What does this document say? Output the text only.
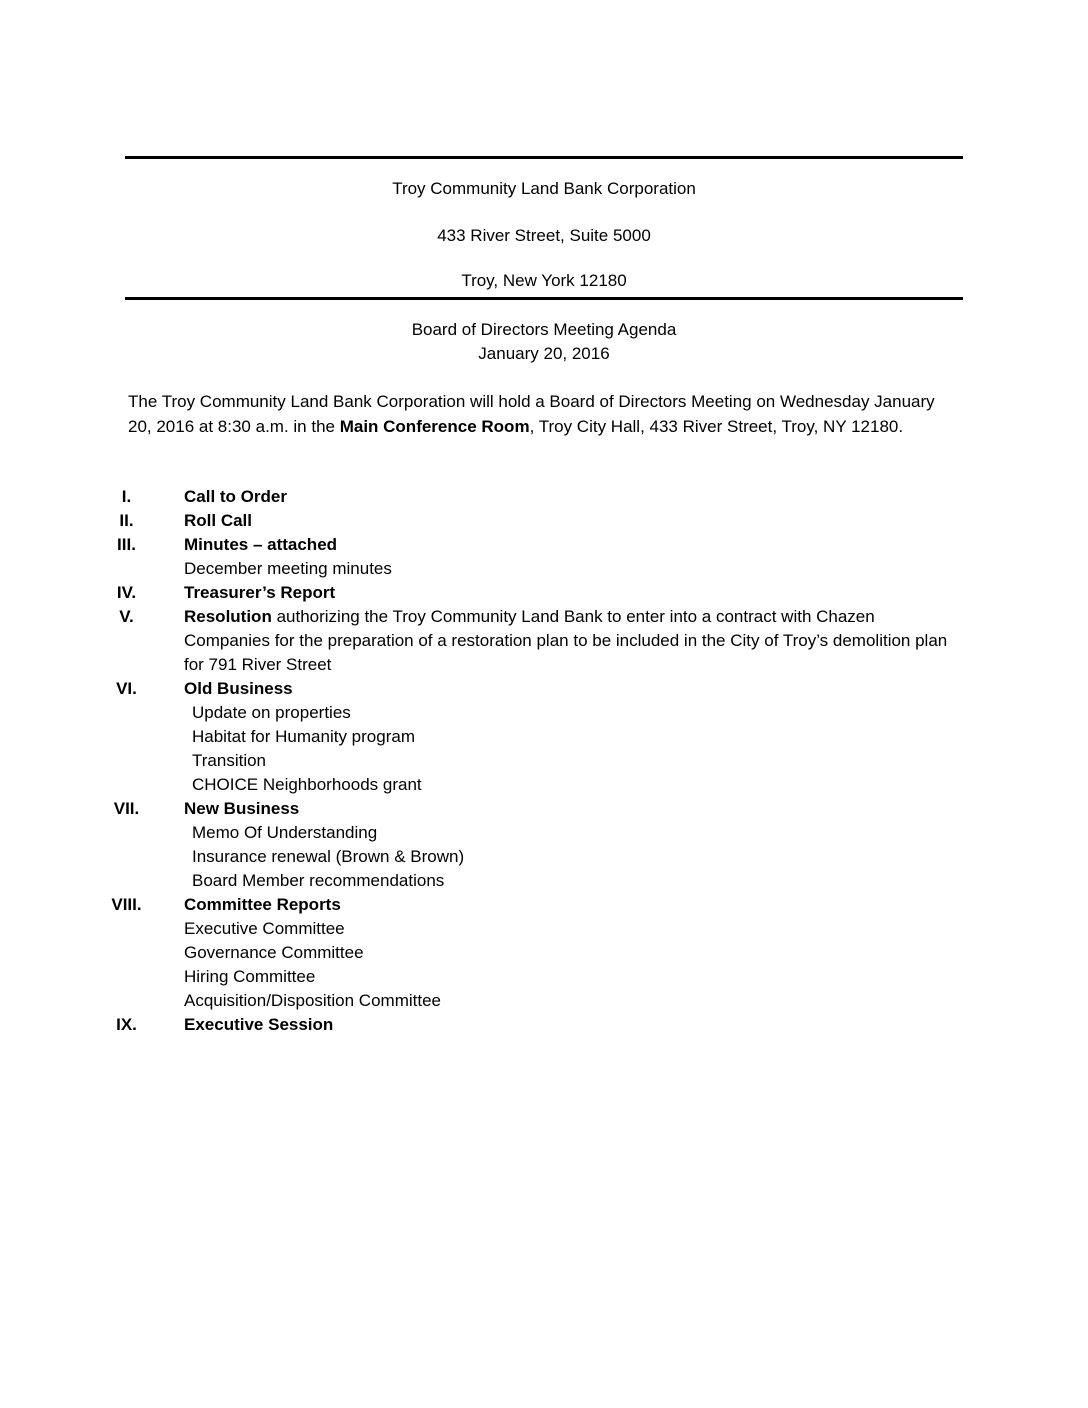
Troy Community Land Bank Corporation
433 River Street, Suite 5000
Troy, New York 12180
Board of Directors Meeting Agenda
January 20, 2016
The Troy Community Land Bank Corporation will hold a Board of Directors Meeting on Wednesday January 20, 2016 at 8:30 a.m. in the Main Conference Room, Troy City Hall, 433 River Street, Troy, NY 12180.
I.	Call to Order
II.	Roll Call
III.	Minutes – attached
December meeting minutes
IV.	Treasurer’s Report
V.	Resolution authorizing the Troy Community Land Bank to enter into a contract with Chazen Companies for the preparation of a restoration plan to be included in the City of Troy’s demolition plan for 791 River Street
VI.	Old Business
Update on properties
Habitat for Humanity program
Transition
CHOICE Neighborhoods grant
VII.	New Business
Memo Of Understanding
Insurance renewal (Brown & Brown)
Board Member recommendations
VIII.	Committee Reports
Executive Committee
Governance Committee
Hiring Committee
Acquisition/Disposition Committee
IX.	Executive Session
